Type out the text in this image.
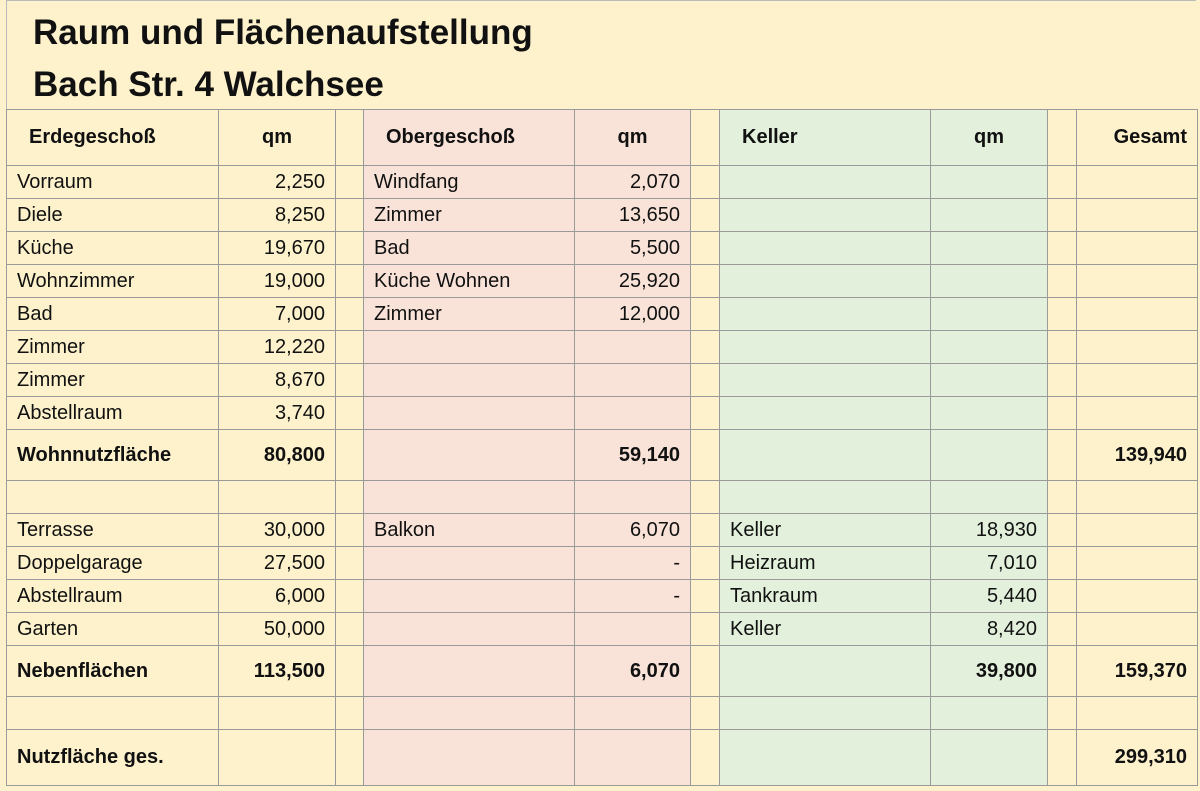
Raum und Flächenaufstellung
Bach Str. 4 Walchsee
Erdegeschoß	qm		Obergeschoß	qm		Keller	qm		Gesamt
Vorraum	2,250		Windfang	2,070					
Diele	8,250		Zimmer	13,650					
Küche	19,670		Bad	5,500					
Wohnzimmer	19,000		Küche Wohnen	25,920					
Bad	7,000		Zimmer	12,000					
Zimmer	12,220								
Zimmer	8,670								
Abstellraum	3,740								
Wohnnutzfläche	80,800			59,140					139,940

Terrasse	30,000		Balkon	6,070		Keller	18,930		
Doppelgarage	27,500			-		Heizraum	7,010		
Abstellraum	6,000			-		Tankraum	5,440		
Garten	50,000					Keller	8,420		
Nebenflächen	113,500			6,070			39,800		159,370

Nutzfläche ges.									299,310
